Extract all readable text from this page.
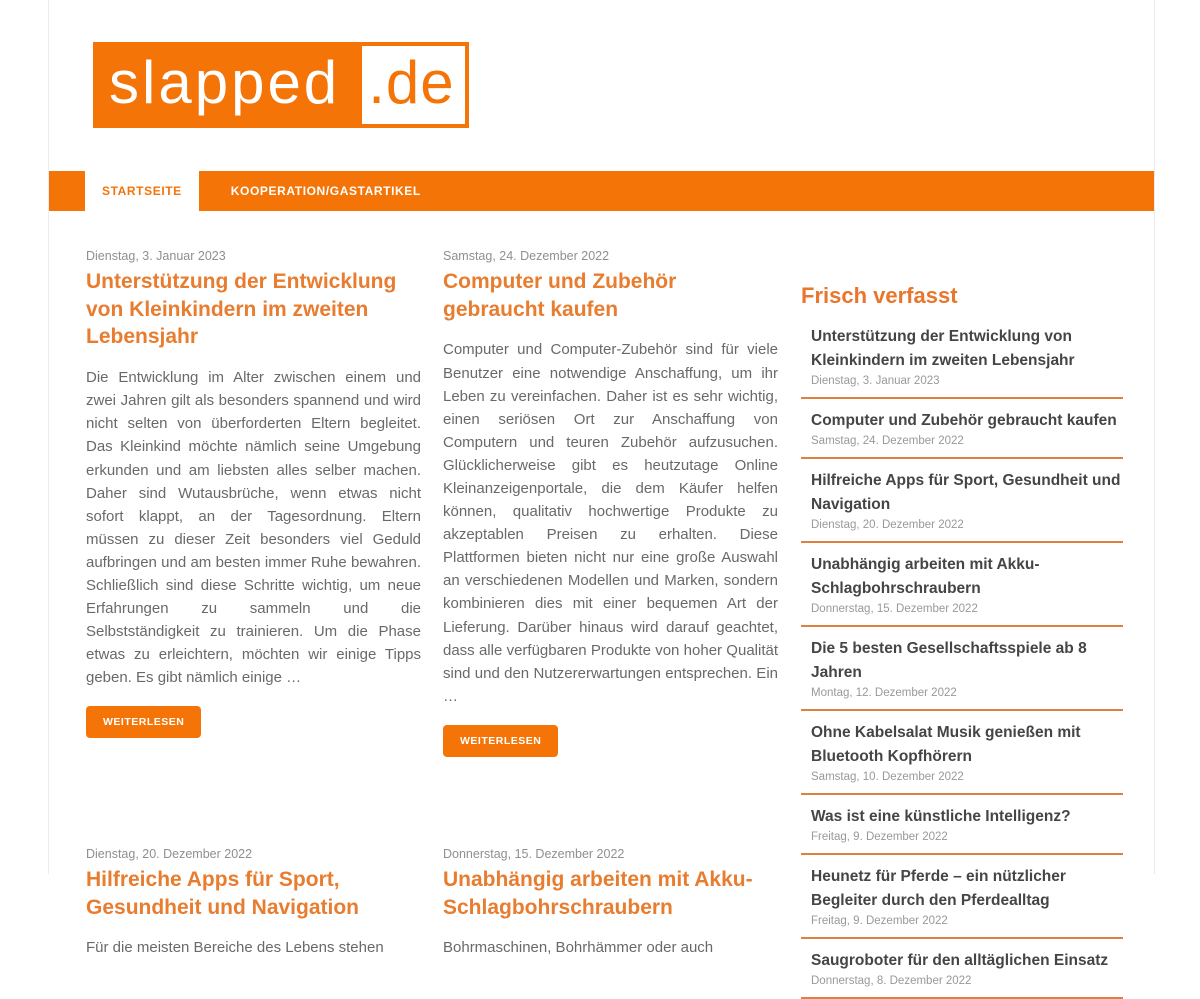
slapped .de
STARTSEITE	KOOPERATION/GASTARTIKEL
Dienstag, 3. Januar 2023
Unterstützung der Entwicklung von Kleinkindern im zweiten Lebensjahr

Die Entwicklung im Alter zwischen einem und zwei Jahren gilt als besonders spannend und wird nicht selten von überforderten Eltern begleitet. Das Kleinkind möchte nämlich seine Umgebung erkunden und am liebsten alles selber machen. Daher sind Wutausbrüche, wenn etwas nicht sofort klappt, an der Tagesordnung. Eltern müssen zu dieser Zeit besonders viel Geduld aufbringen und am besten immer Ruhe bewahren. Schließlich sind diese Schritte wichtig, um neue Erfahrungen zu sammeln und die Selbstständigkeit zu trainieren. Um die Phase etwas zu erleichtern, möchten wir einige Tipps geben. Es gibt nämlich einige …

WEITERLESEN
Samstag, 24. Dezember 2022
Computer und Zubehör gebraucht kaufen

Computer und Computer-Zubehör sind für viele Benutzer eine notwendige Anschaffung, um ihr Leben zu vereinfachen. Daher ist es sehr wichtig, einen seriösen Ort zur Anschaffung von Computern und teuren Zubehör aufzusuchen. Glücklicherweise gibt es heutzutage Online Kleinanzeigenportale, die dem Käufer helfen können, qualitativ hochwertige Produkte zu akzeptablen Preisen zu erhalten. Diese Plattformen bieten nicht nur eine große Auswahl an verschiedenen Modellen und Marken, sondern kombinieren dies mit einer bequemen Art der Lieferung. Darüber hinaus wird darauf geachtet, dass alle verfügbaren Produkte von hoher Qualität sind und den Nutzererwartungen entsprechen. Ein …

WEITERLESEN
Frisch verfasst
Unterstützung der Entwicklung von Kleinkindern im zweiten Lebensjahr
Dienstag, 3. Januar 2023
Computer und Zubehör gebraucht kaufen
Samstag, 24. Dezember 2022
Hilfreiche Apps für Sport, Gesundheit und Navigation
Dienstag, 20. Dezember 2022
Unabhängig arbeiten mit Akku-Schlagbohrschraubern
Donnerstag, 15. Dezember 2022
Die 5 besten Gesellschaftsspiele ab 8 Jahren
Montag, 12. Dezember 2022
Ohne Kabelsalat Musik genießen mit Bluetooth Kopfhörern
Samstag, 10. Dezember 2022
Was ist eine künstliche Intelligenz?
Freitag, 9. Dezember 2022
Heunetz für Pferde – ein nützlicher Begleiter durch den Pferdealltag
Freitag, 9. Dezember 2022
Saugroboter für den alltäglichen Einsatz
Donnerstag, 8. Dezember 2022
Dienstag, 20. Dezember 2022
Hilfreiche Apps für Sport, Gesundheit und Navigation

Für die meisten Bereiche des Lebens stehen

Donnerstag, 15. Dezember 2022
Unabhängig arbeiten mit Akku-Schlagbohrschraubern

Bohrmaschinen, Bohrhämmer oder auch
